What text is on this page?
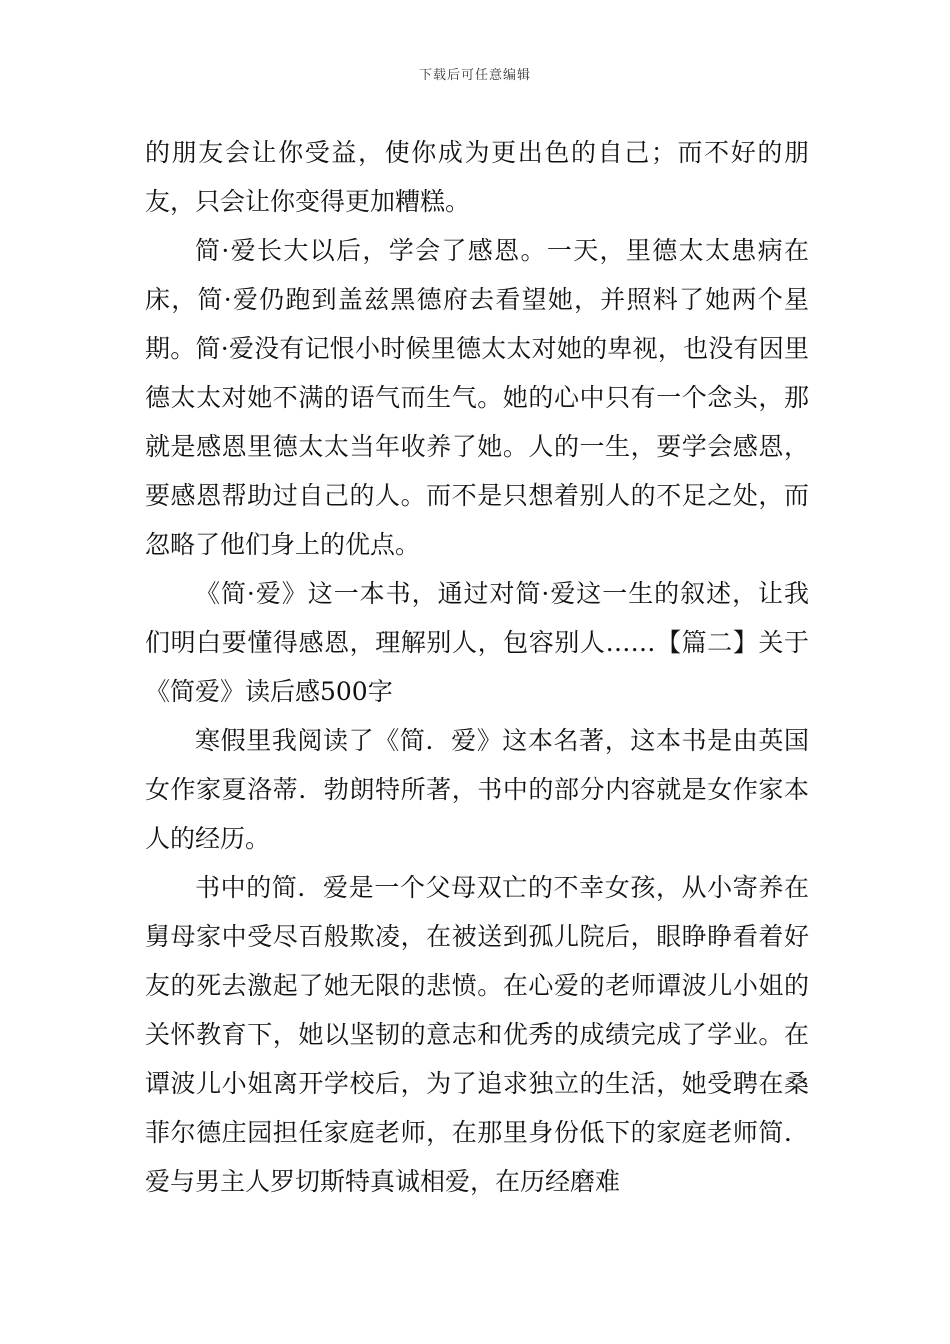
下载后可任意编辑

的朋友会让你受益，使你成为更出色的自己；而不好的朋友，只会让你变得更加糟糕。

简·爱长大以后，学会了感恩。一天，里德太太患病在床，简·爱仍跑到盖兹黑德府去看望她，并照料了她两个星期。简·爱没有记恨小时候里德太太对她的卑视，也没有因里德太太对她不满的语气而生气。她的心中只有一个念头，那就是感恩里德太太当年收养了她。人的一生，要学会感恩，要感恩帮助过自己的人。而不是只想着别人的不足之处，而忽略了他们身上的优点。

《简·爱》这一本书，通过对简·爱这一生的叙述，让我们明白要懂得感恩，理解别人，包容别人……【篇二】关于《简爱》读后感500字

寒假里我阅读了《简．爱》这本名著，这本书是由英国女作家夏洛蒂．勃朗特所著，书中的部分内容就是女作家本人的经历。

书中的简．爱是一个父母双亡的不幸女孩，从小寄养在舅母家中受尽百般欺凌，在被送到孤儿院后，眼睁睁看着好友的死去激起了她无限的悲愤。在心爱的老师谭波儿小姐的关怀教育下，她以坚韧的意志和优秀的成绩完成了学业。在谭波儿小姐离开学校后，为了追求独立的生活，她受聘在桑菲尔德庄园担任家庭老师，在那里身份低下的家庭老师简．爱与男主人罗切斯特真诚相爱，在历经磨难
